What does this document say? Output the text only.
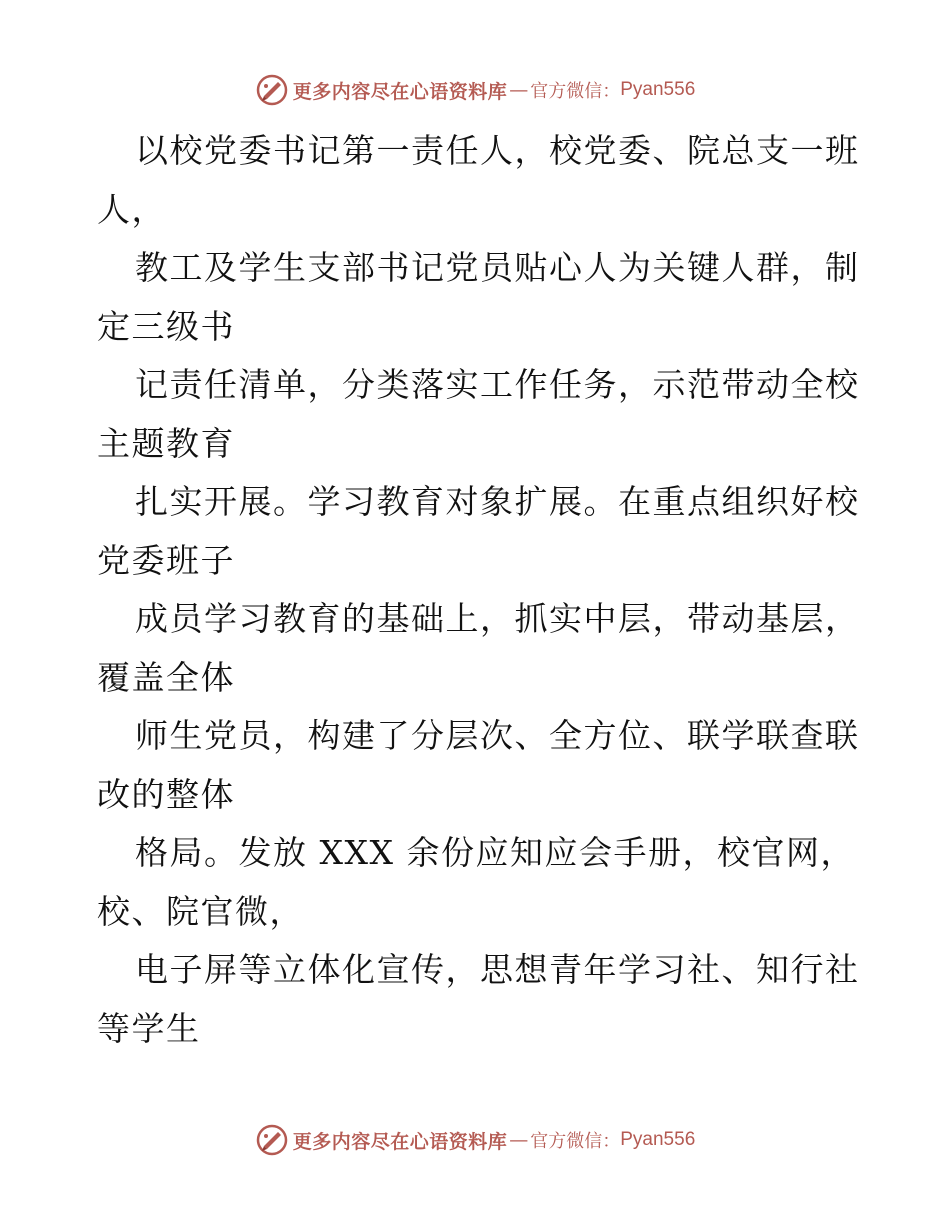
更多内容尽在心语资料库 — 官方微信： Pyan556
以校党委书记第一责任人，校党委、院总支一班
人，
教工及学生支部书记党员贴心人为关键人群，制
定三级书
记责任清单，分类落实工作任务，示范带动全校
主题教育
扎实开展。学习教育对象扩展。在重点组织好校
党委班子
成员学习教育的基础上，抓实中层，带动基层，
覆盖全体
师生党员，构建了分层次、全方位、联学联查联
改的整体
格局。发放 XXX 余份应知应会手册，校官网，
校、院官微，
电子屏等立体化宣传，思想青年学习社、知行社
等学生
更多内容尽在心语资料库 — 官方微信： Pyan556
